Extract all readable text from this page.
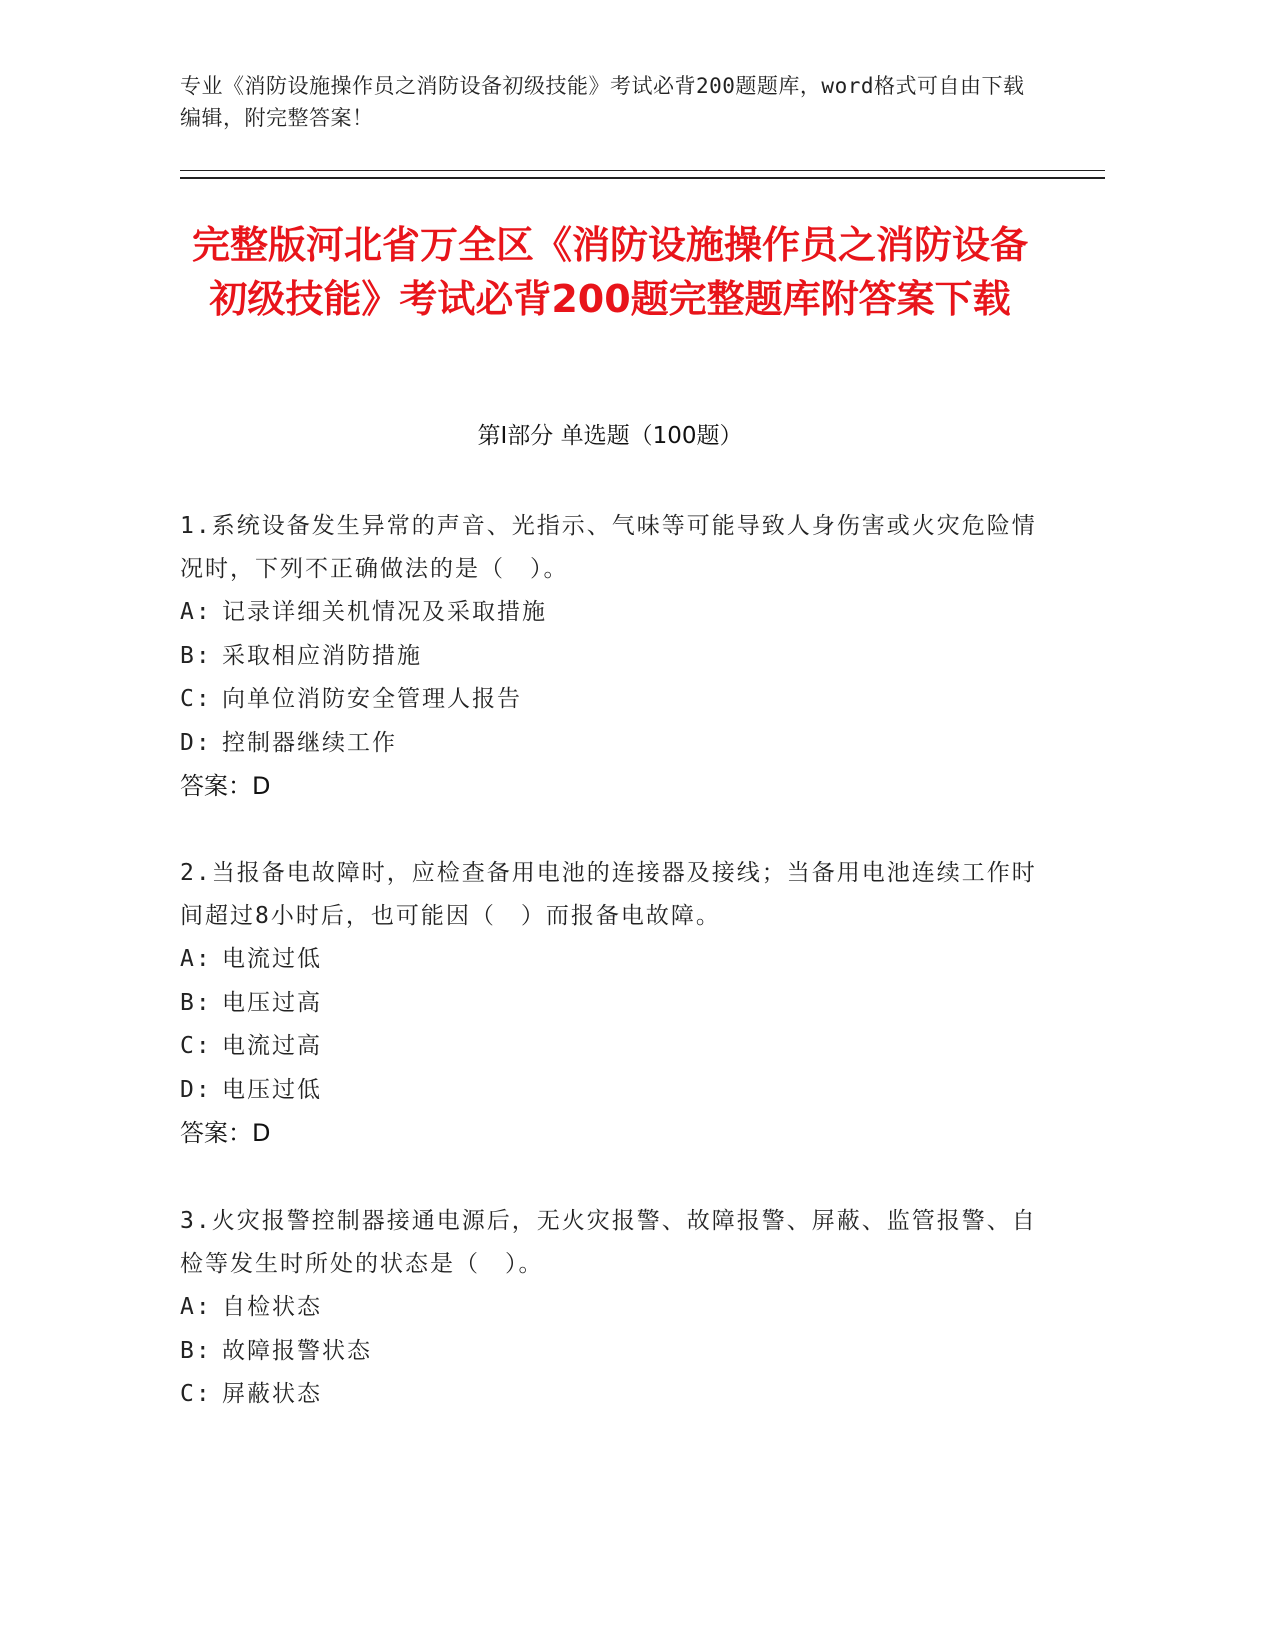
专业《消防设施操作员之消防设备初级技能》考试必背200题题库，word格式可自由下载编辑，附完整答案！
完整版河北省万全区《消防设施操作员之消防设备初级技能》考试必背200题完整题库附答案下载
第I部分 单选题（100题）

1.系统设备发生异常的声音、光指示、气味等可能导致人身伤害或火灾危险情况时，下列不正确做法的是（　）。

A: 记录详细关机情况及采取措施

B: 采取相应消防措施

C: 向单位消防安全管理人报告

D: 控制器继续工作

答案：D

2.当报备电故障时，应检查备用电池的连接器及接线；当备用电池连续工作时间超过8小时后，也可能因（　）而报备电故障。

A: 电流过低

B: 电压过高

C: 电流过高

D: 电压过低

答案：D

3.火灾报警控制器接通电源后，无火灾报警、故障报警、屏蔽、监管报警、自检等发生时所处的状态是（　）。

A: 自检状态

B: 故障报警状态

C: 屏蔽状态
